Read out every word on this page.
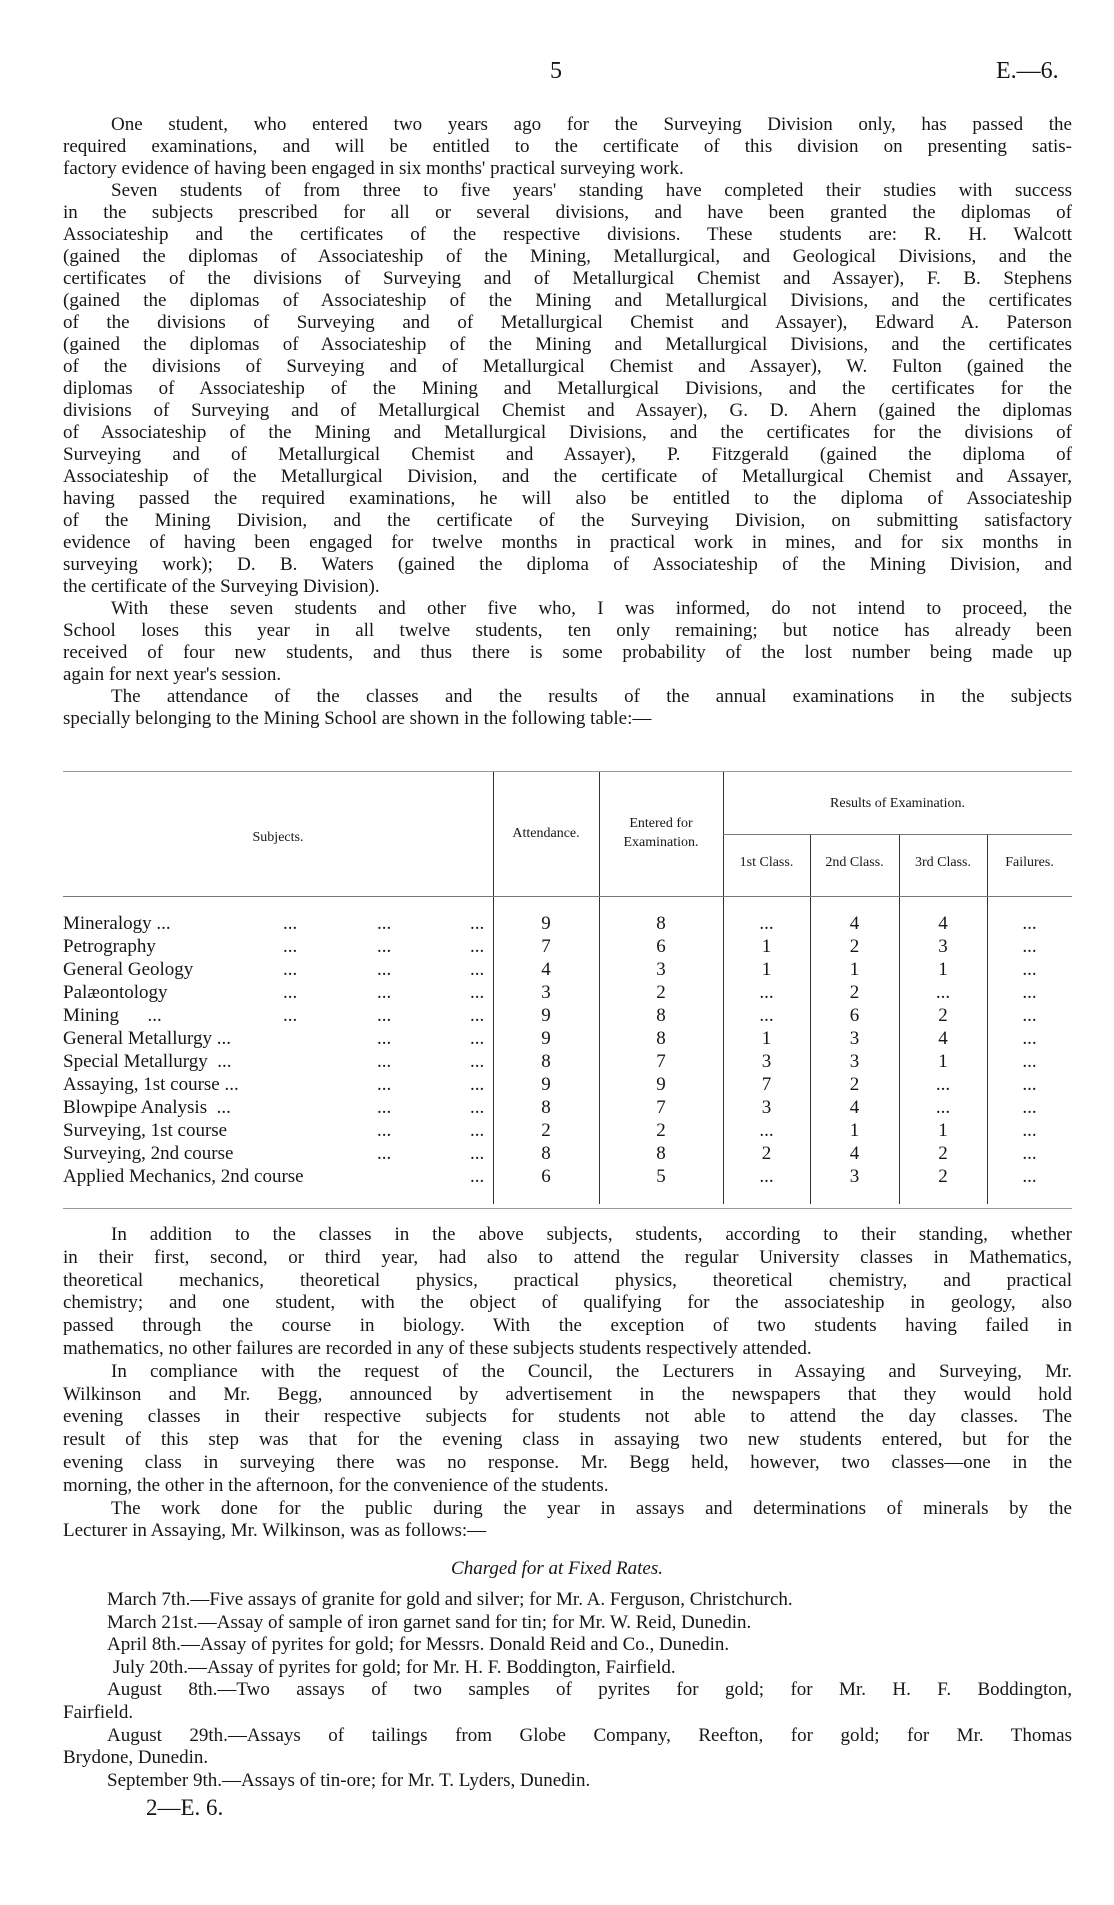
5	E.—6.
One student, who entered two years ago for the Surveying Division only, has passed the
required examinations, and will be entitled to the certificate of this division on presenting satis-
factory evidence of having been engaged in six months' practical surveying work.
Seven students of from three to five years' standing have completed their studies with success
in the subjects prescribed for all or several divisions, and have been granted the diplomas of
Associateship and the certificates of the respective divisions. These students are: R. H. Walcott
(gained the diplomas of Associateship of the Mining, Metallurgical, and Geological Divisions, and the
certificates of the divisions of Surveying and of Metallurgical Chemist and Assayer), F. B. Stephens
(gained the diplomas of Associateship of the Mining and Metallurgical Divisions, and the certificates
of the divisions of Surveying and of Metallurgical Chemist and Assayer), Edward A. Paterson
(gained the diplomas of Associateship of the Mining and Metallurgical Divisions, and the certificates
of the divisions of Surveying and of Metallurgical Chemist and Assayer), W. Fulton (gained the
diplomas of Associateship of the Mining and Metallurgical Divisions, and the certificates for the
divisions of Surveying and of Metallurgical Chemist and Assayer), G. D. Ahern (gained the diplomas
of Associateship of the Mining and Metallurgical Divisions, and the certificates for the divisions of
Surveying and of Metallurgical Chemist and Assayer), P. Fitzgerald (gained the diploma of
Associateship of the Metallurgical Division, and the certificate of Metallurgical Chemist and Assayer,
having passed the required examinations, he will also be entitled to the diploma of Associateship
of the Mining Division, and the certificate of the Surveying Division, on submitting satisfactory
evidence of having been engaged for twelve months in practical work in mines, and for six months in
surveying work); D. B. Waters (gained the diploma of Associateship of the Mining Division, and
the certificate of the Surveying Division).
With these seven students and other five who, I was informed, do not intend to proceed, the
School loses this year in all twelve students, ten only remaining; but notice has already been
received of four new students, and thus there is some probability of the lost number being made up
again for next year's session.
The attendance of the classes and the results of the annual examinations in the subjects
specially belonging to the Mining School are shown in the following table:—
Subjects.	Attendance.
Entered for
Examination.
Results of Examination.
1st Class.	2nd Class.	3rd Class.	Failures.
Mineralogy ...	...	...	...	9	8	...	4	4	...
Petrography	...	...	...	7	6	1	2	3	...
General Geology	...	...	...	4	3	1	1	1	...
Palæontology	...	...	...	3	2	...	2	...	...
Mining      ...	...	...	...	9	8	...	6	2	...
General Metallurgy ...	...	...	9	8	1	3	4	...
Special Metallurgy  ...	...	...	8	7	3	3	1	...
Assaying, 1st course ...	...	...	9	9	7	2	...	...
Blowpipe Analysis  ...	...	...	8	7	3	4	...	...
Surveying, 1st course	...	...	2	2	...	1	1	...
Surveying, 2nd course	...	...	8	8	2	4	2	...
Applied Mechanics, 2nd course	...	6	5	...	3	2	...
In addition to the classes in the above subjects, students, according to their standing, whether
in their first, second, or third year, had also to attend the regular University classes in Mathematics,
theoretical mechanics, theoretical physics, practical physics, theoretical chemistry, and practical
chemistry; and one student, with the object of qualifying for the associateship in geology, also
passed through the course in biology. With the exception of two students having failed in
mathematics, no other failures are recorded in any of these subjects students respectively attended.
In compliance with the request of the Council, the Lecturers in Assaying and Surveying, Mr.
Wilkinson and Mr. Begg, announced by advertisement in the newspapers that they would hold
evening classes in their respective subjects for students not able to attend the day classes. The
result of this step was that for the evening class in assaying two new students entered, but for the
evening class in surveying there was no response. Mr. Begg held, however, two classes—one in the
morning, the other in the afternoon, for the convenience of the students.
The work done for the public during the year in assays and determinations of minerals by the
Lecturer in Assaying, Mr. Wilkinson, was as follows:—
Charged for at Fixed Rates.
March 7th.—Five assays of granite for gold and silver; for Mr. A. Ferguson, Christchurch.
March 21st.—Assay of sample of iron garnet sand for tin; for Mr. W. Reid, Dunedin.
April 8th.—Assay of pyrites for gold; for Messrs. Donald Reid and Co., Dunedin.
July 20th.—Assay of pyrites for gold; for Mr. H. F. Boddington, Fairfield.
August 8th.—Two assays of two samples of pyrites for gold; for Mr. H. F. Boddington,
Fairfield.
August 29th.—Assays of tailings from Globe Company, Reefton, for gold; for Mr. Thomas
Brydone, Dunedin.
September 9th.—Assays of tin-ore; for Mr. T. Lyders, Dunedin.
2—E. 6.
